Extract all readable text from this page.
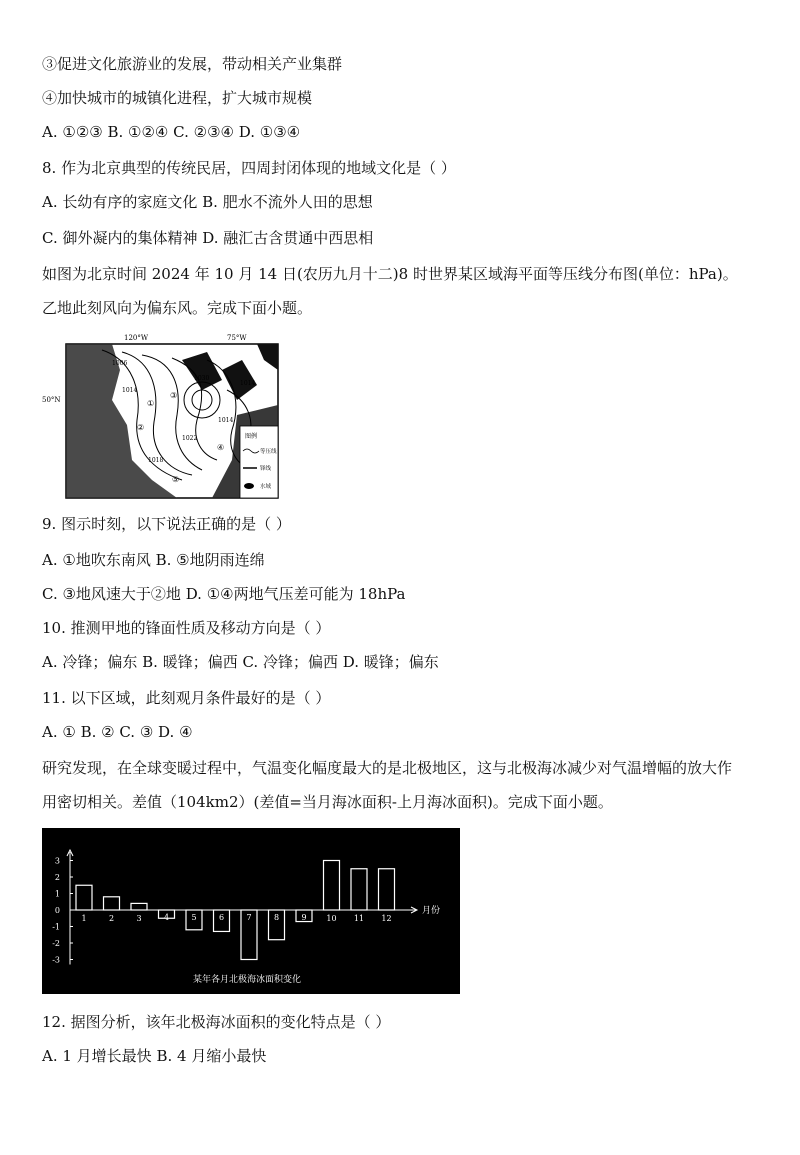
③促进文化旅游业的发展，带动相关产业集群
④加快城市的城镇化进程，扩大城市规模
A. ①②③ B. ①②④ C. ②③④ D. ①③④
8. 作为北京典型的传统民居，四周封闭体现的地域文化是（ ）
A. 长幼有序的家庭文化 B. 肥水不流外人田的思想
C. 御外凝内的集体精神 D. 融汇古含贯通中西思相
如图为北京时间 2024 年 10 月 14 日(农历九月十二)8 时世界某区域海平面等压线分布图(单位：hPa)。
乙地此刻风向为偏东风。完成下面小题。
9. 图示时刻，以下说法正确的是（ ）
A. ①地吹东南风 B. ⑤地阴雨连绵
C. ③地风速大于②地 D. ①④两地气压差可能为 18hPa
10. 推测甲地的锋面性质及移动方向是（ ）
A. 冷锋；偏东 B. 暖锋；偏西 C. 冷锋；偏西 D. 暖锋；偏东
11. 以下区域，此刻观月条件最好的是（ ）
A. ① B. ② C. ③ D. ④
研究发现，在全球变暖过程中，气温变化幅度最大的是北极地区，这与北极海冰减少对气温增幅的放大作
用密切相关。差值（104km2）(差值=当月海冰面积-上月海冰面积)。完成下面小题。
12. 据图分析，该年北极海冰面积的变化特点是（ ）
A. 1 月增长最快 B. 4 月缩小最快
120°W	75°W
50°N
1006
1014
1030
1014
1022
1018
1014
①
②
③
④
⑤
图例
等压线
锋线
水域
某年各月北极海冰面积变化
3
2
1
0
-1
-2
-3
1	2	3	4	5	6	7	8	9 10 11 12
月份
